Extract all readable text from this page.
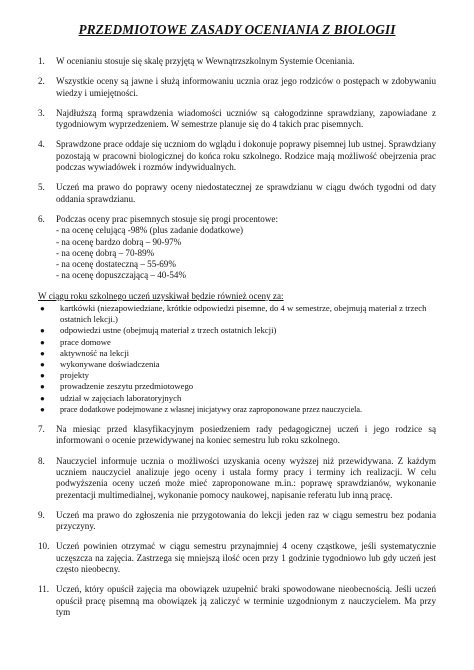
PRZEDMIOTOWE ZASADY OCENIANIA Z BIOLOGII
1.	W ocenianiu stosuje się skalę przyjętą w Wewnątrzszkolnym Systemie Oceniania.
2.	Wszystkie oceny są jawne i służą informowaniu ucznia oraz jego rodziców o postępach w zdobywaniu wiedzy i umiejętności.
3.	Najdłuższą formą sprawdzenia wiadomości uczniów są całogodzinne sprawdziany, zapowiadane z tygodniowym wyprzedzeniem. W semestrze planuje się do 4 takich prac pisemnych.
4.	Sprawdzone prace oddaje się uczniom do wglądu i dokonuje poprawy pisemnej lub ustnej. Sprawdziany pozostają w pracowni biologicznej do końca roku szkolnego. Rodzice mają możliwość obejrzenia prac podczas wywiadówek i rozmów indywidualnych.
5.	Uczeń ma prawo do poprawy oceny niedostatecznej ze sprawdzianu w ciągu dwóch tygodni od daty oddania sprawdzianu.
6.	Podczas oceny prac pisemnych stosuje się progi procentowe:
- na ocenę celującą -98% (plus zadanie dodatkowe)
- na ocenę bardzo dobrą – 90-97%
- na ocenę dobrą – 70-89%
- na ocenę dostateczną – 55-69%
- na ocenę dopuszczającą – 40-54%
W ciągu roku szkolnego uczeń uzyskiwał będzie również oceny za:
● kartkówki (niezapowiedziane, krótkie odpowiedzi pisemne, do 4 w semestrze, obejmują materiał z trzech ostatnich lekcji.)
● odpowiedzi ustne (obejmują materiał z trzech ostatnich lekcji)
● prace domowe
● aktywność na lekcji
● wykonywane doświadczenia
● projekty
● prowadzenie zeszytu przedmiotowego
● udział w zajęciach laboratoryjnych
● prace dodatkowe podejmowane z własnej inicjatywy oraz zaproponowane przez nauczyciela.
7.	Na miesiąc przed klasyfikacyjnym posiedzeniem rady pedagogicznej uczeń i jego rodzice są informowani o ocenie przewidywanej na koniec semestru lub roku szkolnego.
8.	Nauczyciel informuje ucznia o możliwości uzyskania oceny wyższej niż przewidywana. Z każdym uczniem nauczyciel analizuje jego oceny i ustala formy pracy i terminy ich realizacji. W celu podwyższenia oceny uczeń może mieć zaproponowane m.in.: poprawę sprawdzianów, wykonanie prezentacji multimedialnej, wykonanie pomocy naukowej, napisanie referatu lub inną pracę.
9.	Uczeń ma prawo do zgłoszenia nie przygotowania do lekcji jeden raz w ciągu semestru bez podania przyczyny.
10. Uczeń powinien otrzymać w ciągu semestru przynajmniej 4 oceny cząstkowe, jeśli systematycznie uczęszcza na zajęcia. Zastrzega się mniejszą ilość ocen przy 1 godzinie tygodniowo lub gdy uczeń jest często nieobecny.
11. Uczeń, który opuścił zajęcia ma obowiązek uzupełnić braki spowodowane nieobecnością. Jeśli uczeń opuścił pracę pisemną ma obowiązek ją zaliczyć w terminie uzgodnionym z nauczycielem. Ma przy tym
